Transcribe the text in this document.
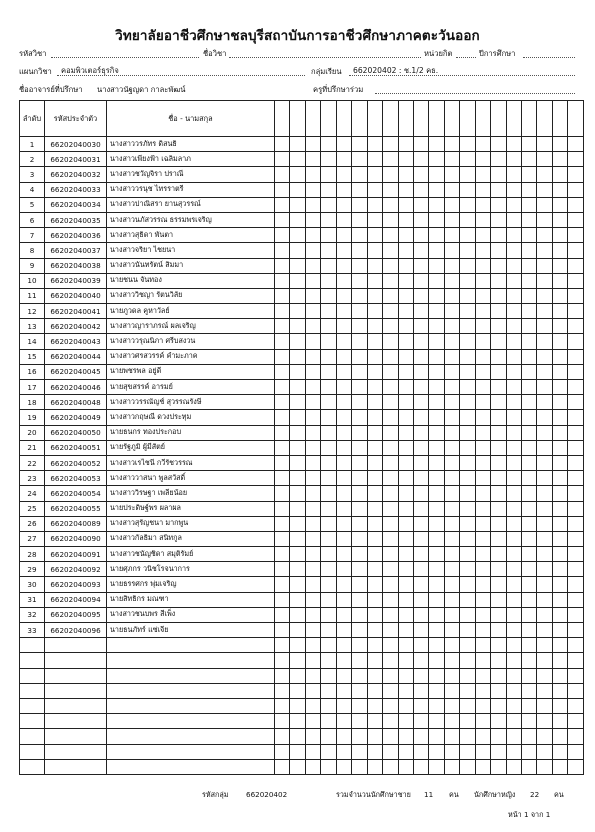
วิทยาลัยอาชีวศึกษาชลบุรีสถาบันการอาชีวศึกษาภาคตะวันออก
รหัสวิชา	ชื่อวิชา	หน่วยกิต	ปีการศึกษา
แผนกวิชา คอมพิวเตอร์ธุรกิจ	กลุ่มเรียน 662020402 : ช.1/2 คธ.
ชื่ออาจารย์ที่ปรึกษา นางสาวนัฐญดา กาละพัฒน์	ครูที่ปรึกษาร่วม
ลำดับ	รหัสประจำตัว	ชื่อ - นามสกุล																				
1	66202040030	นางสาววรภัทร ดิสนธิ																				
2	66202040031	นางสาวเพียงฟ้า เฉลิมลาภ																				
3	66202040032	นางสาวชวัญจิรา ปราณี																				
4	66202040033	นางสาววรนุช ไทรราตรี																				
5	66202040034	นางสาวปาณิสรา ยานสุวรรณ์																				
6	66202040035	นางสาวนภัสวรรณ ธรรมพรเจริญ																				
7	66202040036	นางสาวสุธิดา พันตา																				
8	66202040037	นางสาวจริยา ไชยนา																				
9	66202040038	นางสาวนันทรัตน์ สิมมา																				
10	66202040039	นายชนน จันทอง																				
11	66202040040	นางสาววิชญา รัตนวิลัย																				
12	66202040041	นายภูวดล คูหาวัลย์																				
13	66202040042	นางสาวญาราภรณ์ ผลเจริญ																				
14	66202040043	นางสาววรุณนิภา ศรีบสงวน																				
15	66202040044	นางสาวศรสวรรค์ คำมะภาค																				
16	66202040045	นายพชรพล อยู่ดี																				
17	66202040046	นายสุขสรรค์ อารมย์																				
18	66202040048	นางสาววรรณัญช์ สุวรรณรังษี																				
19	66202040049	นางสาวกฤษณี ดวงประทุม																				
20	66202040050	นายธนกร ทองประกอบ																				
21	66202040051	นายรัฐภูมิ ผู้มีสัตย์																				
22	66202040052	นางสาวเรไชนี กวีรัชวรรณ																				
23	66202040053	นางสาววาสนา พูลสวัสดิ์																				
24	66202040054	นางสาววิรษฐา เพลียน้อย																				
25	66202040055	นายประดิษฐ์พร ผลาผล																				
26	66202040089	นางสาวสุรัญชนา มากพูน																				
27	66202040090	นางสาวกัลธิมา สนิทกูล																				
28	66202040091	นางสาวชนัญชิดา สมุติรัมย์																				
29	66202040092	นายศุภกร วนิชโรจนาการ																				
30	66202040093	นายธรรศกร พุ่มเจริญ																				
31	66202040094	นายสิทธิกร มณฑา																				
32	66202040095	นางสาวชนบพร สีเพ็ง																				
33	66202040096	นายธนภัทร์ แซ่เจีย																				

รหัสกลุ่ม 662020402	รวมจำนวนนักศึกษาชาย 11 คน นักศึกษาหญิง 22 คน
หน้า 1 จาก 1
